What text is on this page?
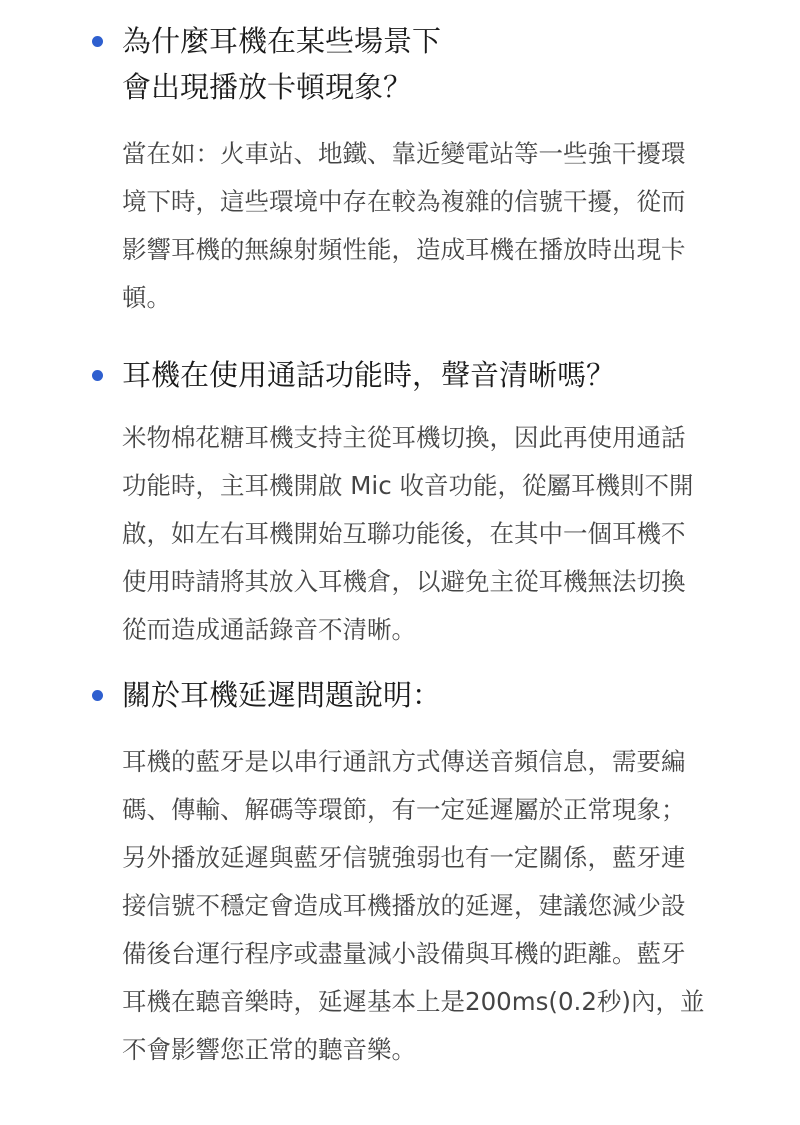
為什麼耳機在某些場景下
會出現播放卡頓現象？

當在如：火車站、地鐵、靠近變電站等一些強干擾環
境下時，這些環境中存在較為複雜的信號干擾，從而
影響耳機的無線射頻性能，造成耳機在播放時出現卡
頓。

耳機在使用通話功能時，聲音清晰嗎？

米物棉花糖耳機支持主從耳機切換，因此再使用通話
功能時，主耳機開啟 Mic 收音功能，從屬耳機則不開
啟，如左右耳機開始互聯功能後，在其中一個耳機不
使用時請將其放入耳機倉，以避免主從耳機無法切換
從而造成通話錄音不清晰。

關於耳機延遲問題說明：

耳機的藍牙是以串行通訊方式傳送音頻信息，需要編
碼、傳輸、解碼等環節，有一定延遲屬於正常現象；
另外播放延遲與藍牙信號強弱也有一定關係，藍牙連
接信號不穩定會造成耳機播放的延遲，建議您減少設
備後台運行程序或盡量減小設備與耳機的距離。藍牙
耳機在聽音樂時，延遲基本上是200ms(0.2秒)內，並
不會影響您正常的聽音樂。
